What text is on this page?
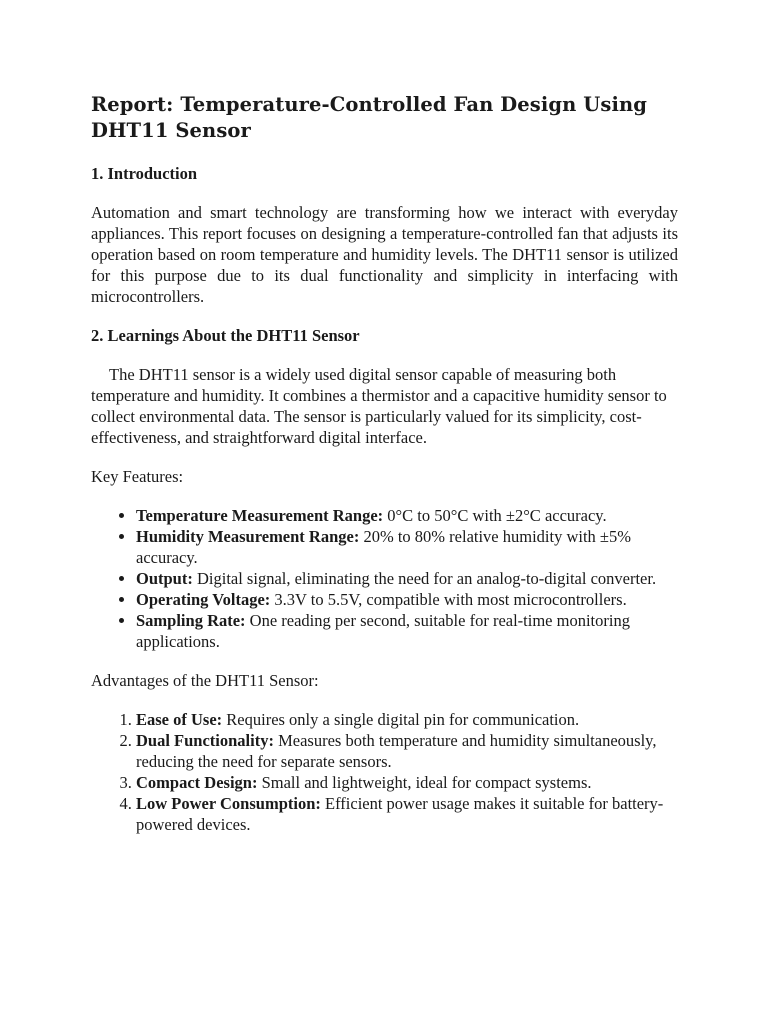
Report: Temperature-Controlled Fan Design Using DHT11 Sensor
1. Introduction

Automation and smart technology are transforming how we interact with everyday appliances. This report focuses on designing a temperature-controlled fan that adjusts its operation based on room temperature and humidity levels. The DHT11 sensor is utilized for this purpose due to its dual functionality and simplicity in interfacing with microcontrollers.

2. Learnings About the DHT11 Sensor

The DHT11 sensor is a widely used digital sensor capable of measuring both temperature and humidity. It combines a thermistor and a capacitive humidity sensor to collect environmental data. The sensor is particularly valued for its simplicity, cost-effectiveness, and straightforward digital interface.

Key Features:

• Temperature Measurement Range: 0°C to 50°C with ±2°C accuracy.
• Humidity Measurement Range: 20% to 80% relative humidity with ±5% accuracy.
• Output: Digital signal, eliminating the need for an analog-to-digital converter.
• Operating Voltage: 3.3V to 5.5V, compatible with most microcontrollers.
• Sampling Rate: One reading per second, suitable for real-time monitoring applications.

Advantages of the DHT11 Sensor:

1. Ease of Use: Requires only a single digital pin for communication.
2. Dual Functionality: Measures both temperature and humidity simultaneously, reducing the need for separate sensors.
3. Compact Design: Small and lightweight, ideal for compact systems.
4. Low Power Consumption: Efficient power usage makes it suitable for battery-powered devices.
